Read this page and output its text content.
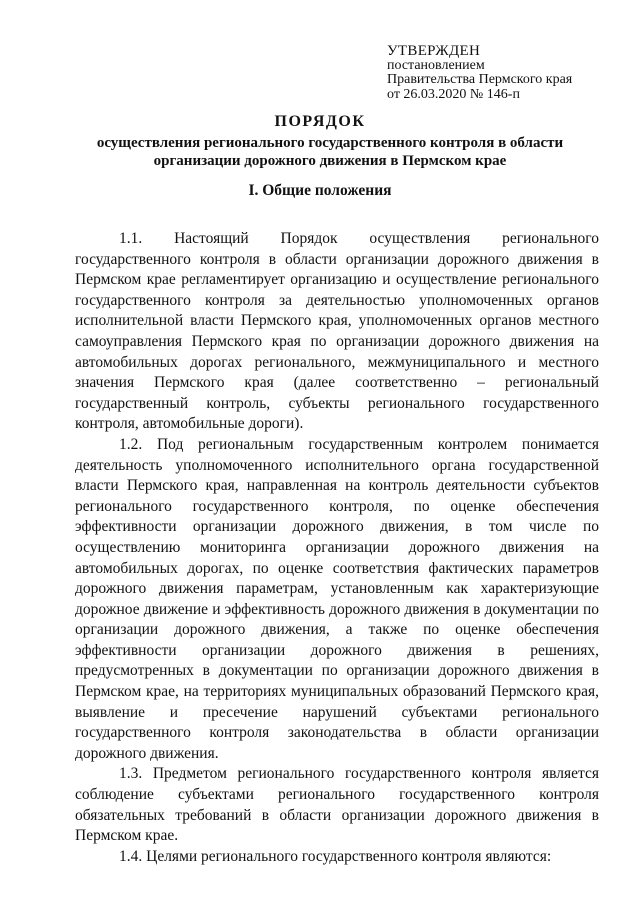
УТВЕРЖДЕН
постановлением
Правительства Пермского края
от 26.03.2020 № 146-п
ПОРЯДОК
осуществления регионального государственного контроля в области организации дорожного движения в Пермском крае
I. Общие положения

1.1. Настоящий Порядок осуществления регионального государственного контроля в области организации дорожного движения в Пермском крае регламентирует организацию и осуществление регионального государственного контроля за деятельностью уполномоченных органов исполнительной власти Пермского края, уполномоченных органов местного самоуправления Пермского края по организации дорожного движения на автомобильных дорогах регионального, межмуниципального и местного значения Пермского края (далее соответственно – региональный государственный контроль, субъекты регионального государственного контроля, автомобильные дороги).

1.2. Под региональным государственным контролем понимается деятельность уполномоченного исполнительного органа государственной власти Пермского края, направленная на контроль деятельности субъектов регионального государственного контроля, по оценке обеспечения эффективности организации дорожного движения, в том числе по осуществлению мониторинга организации дорожного движения на автомобильных дорогах, по оценке соответствия фактических параметров дорожного движения параметрам, установленным как характеризующие дорожное движение и эффективность дорожного движения в документации по организации дорожного движения, а также по оценке обеспечения эффективности организации дорожного движения в решениях, предусмотренных в документации по организации дорожного движения в Пермском крае, на территориях муниципальных образований Пермского края, выявление и пресечение нарушений субъектами регионального государственного контроля законодательства в области организации дорожного движения.

1.3. Предметом регионального государственного контроля является соблюдение субъектами регионального государственного контроля обязательных требований в области организации дорожного движения в Пермском крае.

1.4. Целями регионального государственного контроля являются:
